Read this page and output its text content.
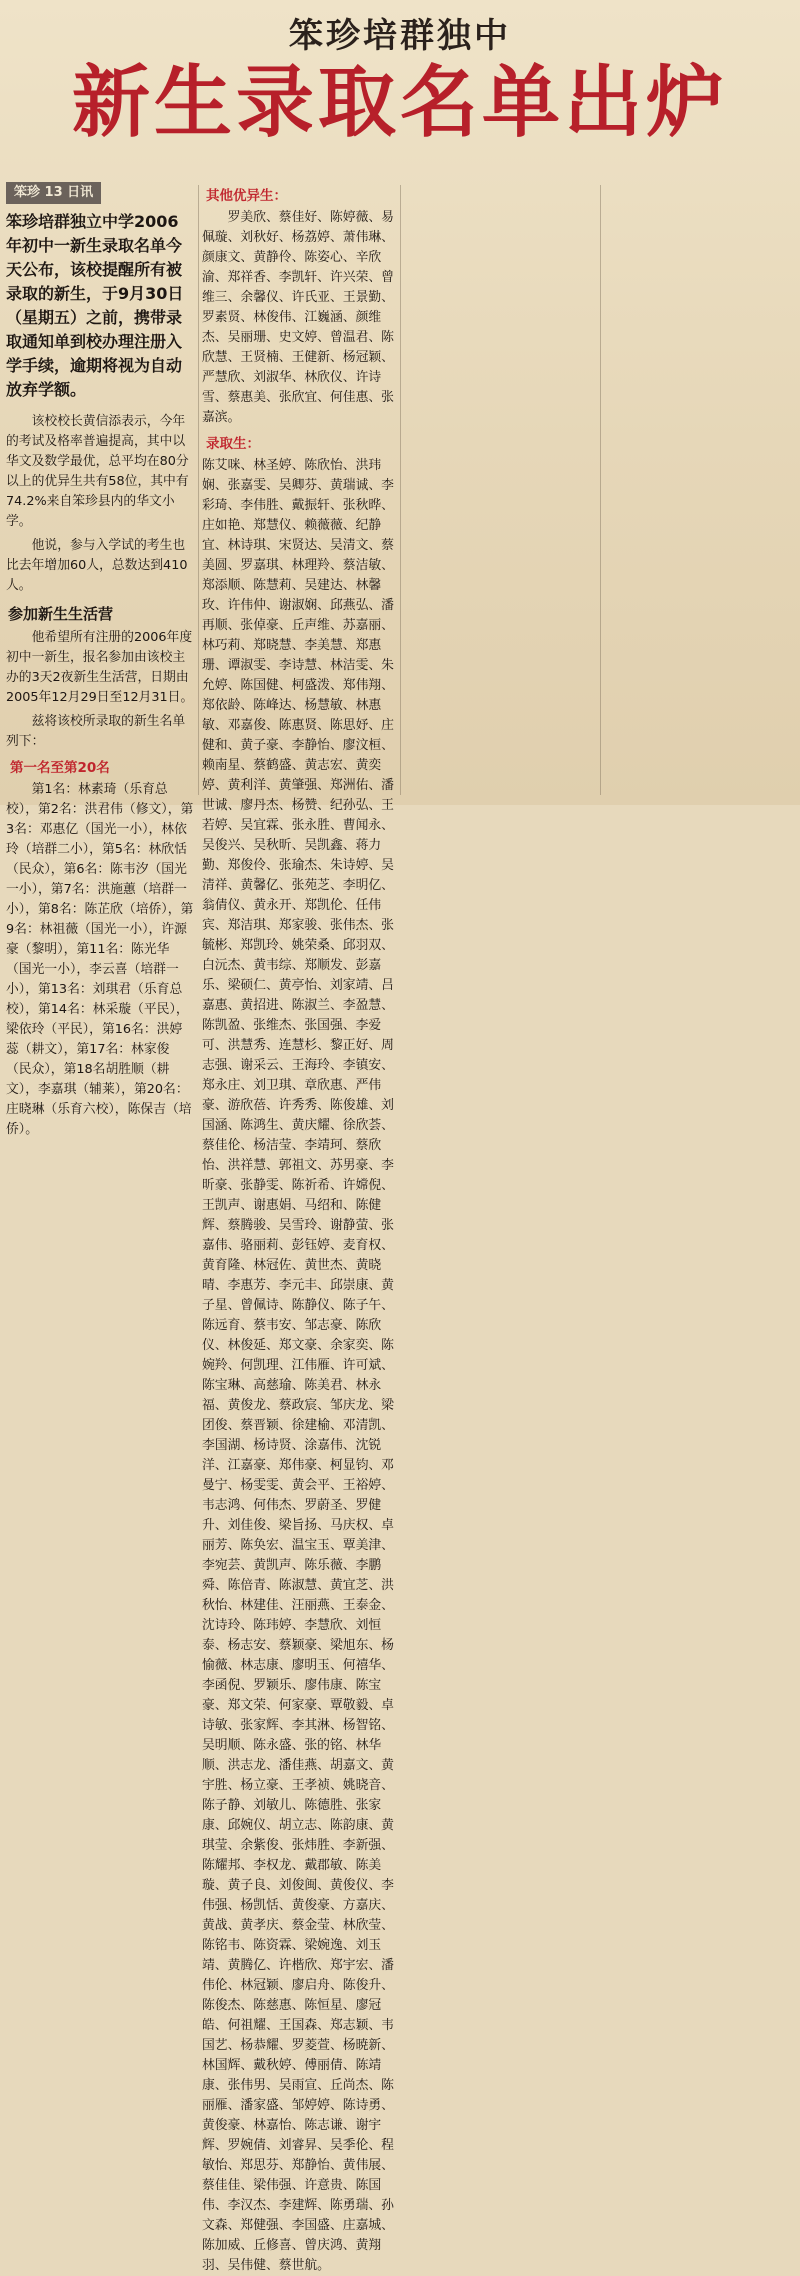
笨珍培群独中
新生录取名单出炉
笨珍 13 日讯
笨珍培群独立中学2006年初中一新生录取名单今天公布，该校提醒所有被录取的新生，于9月30日（星期五）之前，携带录取通知单到校办理注册入学手续，逾期将视为自动放弃学额。

该校校长黄信添表示，今年的考试及格率普遍提高，其中以华文及数学最优，总平均在80分以上的优异生共有58位，其中有74.2%来自笨珍县内的华文小学。

他说，参与入学试的考生也比去年增加60人，总数达到410人。

参加新生生活营

他希望所有注册的2006年度初中一新生，报名参加由该校主办的3天2夜新生生活营，日期由2005年12月29日至12月31日。

兹将该校所录取的新生名单列下：

第一名至第20名

第1名：林素琦（乐育总校），第2名：洪君伟（修文），第3名：邓惠亿（国光一小），林依玲（培群二小），第5名：林欣恬（民众），第6名：陈韦汐（国光一小），第7名：洪施蕙（培群一小），第8名：陈芷欣（培侨），第9名：林祖薇（国光一小），许源豪（黎明），第11名：陈光华（国光一小），李云喜（培群一小），第13名：刘琪君（乐育总校），第14名：林采璇（平民），梁依玲（平民），第16名：洪婷蕊（耕文），第17名：林家俊（民众），第18名胡胜顺（耕文），李嘉琪（辅莱），第20名：庄晓琳（乐育六校），陈保吉（培侨）。

其他优异生：

罗美欣、蔡佳好、陈婷薇、易佩璇、刘秋好、杨荔婷、萧伟琳、颜康文、黄静伶、陈姿心、辛欣渝、郑祥香、李凯轩、许兴荣、曾维三、余馨仪、许氏亚、王景勤、罗素贤、林俊伟、江巍涵、颜维杰、吴丽珊、史文婷、曾温君、陈欣慧、王贤楠、王健新、杨冠颖、严慧欣、刘淑华、林欣仪、许诗雪、蔡惠美、张欣宜、何佳惠、张嘉滨。

录取生：

陈艾咪、林圣婷、陈欣怡、洪玮娴、张嘉雯、吴卿芬、黄瑞诚、李彩琦、李伟胜、戴振轩、张秋晔、庄如艳、郑慧仪、赖薇薇、纪静宜、林诗琪、宋贤达、吴清文、蔡美圆、罗嘉琪、林理羚、蔡洁敏、郑添顺、陈慧莉、吴建达、林馨玫、许伟仲、谢淑娴、邱燕弘、潘再顺、张倬豪、丘声维、苏嘉丽、林巧莉、郑晓慧、李美慧、郑惠珊、谭淑雯、李诗慧、林洁雯、朱允婷、陈国健、柯盛泼、郑伟翔、郑依龄、陈峰达、杨慧敏、林惠敏、邓嘉俊、陈惠贤、陈思妤、庄健和、黄子豪、李静怡、廖汶桓、赖南星、蔡鹤盛、黄志宏、黄奕婷、黄利洋、黄肇强、郑洲佑、潘世诚、廖丹杰、杨赞、纪孙弘、王若婷、吴宜霖、张永胜、曹闻永、吴俊兴、吴秋昕、吴凯鑫、蒋力勤、郑俊伶、张瑜杰、朱诗婷、吴清祥、黄馨亿、张苑芝、李明亿、翁倩仪、黄永开、郑凯伦、任伟宾、郑洁琪、郑家骏、张伟杰、张毓彬、郑凯玲、姚荣桑、邱羽双、白沅杰、黄韦综、郑顺发、彭嘉乐、梁硕仁、黄亭怡、刘家靖、吕嘉惠、黄招进、陈淑兰、李盈慧、陈凯盈、张维杰、张国强、李爱可、洪慧秀、连慧杉、黎正好、周志强、谢采云、王海玲、李镇安、郑永庄、刘卫琪、章欣惠、严伟豪、游欣蓓、许秀秀、陈俊雄、刘国涵、陈鸿生、黄庆耀、徐欣荟、蔡佳伦、杨洁莹、李靖珂、蔡欣怡、洪祥慧、郭祖文、苏男豪、李昕豪、张静雯、陈祈希、许嫦倪、王凯声、谢惠娟、马绍和、陈健辉、蔡腾骏、吴雪玲、谢静萤、张嘉伟、骆丽莉、彭钰婷、麦育权、黄育隆、林冠佐、黄世杰、黄晓晴、李惠芳、李元丰、邱崇康、黄子星、曾佩诗、陈静仪、陈子午、陈远育、蔡韦安、邹志豪、陈欣仪、林俊延、郑文豪、余家奕、陈婉羚、何凯理、江伟雁、许可斌、陈宝琳、高慈瑜、陈美君、林永福、黄俊龙、蔡政宸、邹庆龙、梁团俊、蔡晋颖、徐建榆、邓清凯、李国湖、杨诗贤、涂嘉伟、沈锐洋、江嘉豪、郑伟豪、柯显钧、邓曼宁、杨雯雯、黄会平、王裕婷、韦志鸿、何伟杰、罗蔚圣、罗健升、刘佳俊、梁旨扬、马庆权、卓丽芳、陈奂宏、温宝玉、覃美津、李宛芸、黄凯声、陈乐薇、李鹏舜、陈倍青、陈淑慧、黄宜芝、洪秋怡、林建佳、汪丽燕、王泰金、沈诗玲、陈玮婷、李慧欣、刘恒泰、杨志安、蔡颖豪、梁旭东、杨愉薇、林志康、廖明玉、何禧华、李函倪、罗颖乐、廖伟康、陈宝豪、郑文荣、何家豪、覃敬毅、卓诗敏、张家辉、李其淋、杨智铭、吴明顺、陈永盛、张的铭、林华顺、洪志龙、潘佳燕、胡嘉文、黄宇胜、杨立豪、王孝祯、姚晓音、陈子静、刘敏儿、陈德胜、张家康、邱婉仪、胡立志、陈韵康、黄琪莹、余紫俊、张炜胜、李新强、陈耀邦、李权龙、戴郡敏、陈美璇、黄子良、刘俊闽、黄俊仪、李伟强、杨凯恬、黄俊豪、方嘉庆、黄战、黄孝庆、蔡金莹、林欣莹、陈铭韦、陈资霖、梁婉逸、刘玉靖、黄腾亿、许楷欣、郑宇宏、潘伟伦、林冠颖、廖启舟、陈俊升、陈俊杰、陈慈惠、陈恒星、廖冠皓、何祖耀、王国森、郑志颖、韦国艺、杨恭耀、罗菱萱、杨暁新、林国辉、戴秋婷、傅丽倩、陈靖康、张伟男、吴雨宣、丘尚杰、陈丽雁、潘家盛、邹婷婷、陈诗勇、黄俊豪、林嘉怡、陈志谦、谢宇辉、罗婉倩、刘睿昇、吴季伦、程敏怡、郑思芬、郑静怡、黄伟展、蔡佳佳、梁伟强、许意贵、陈国伟、李汉杰、李建辉、陈勇瑞、孙文森、郑健强、李国盛、庄嘉城、陈加威、丘修喜、曾庆鸿、黄翔羽、吴伟健、蔡世航。
